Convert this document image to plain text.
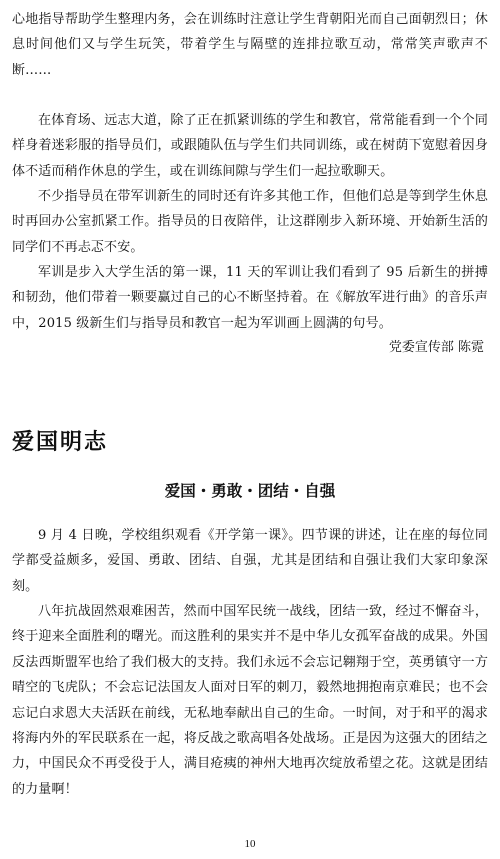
心地指导帮助学生整理内务，会在训练时注意让学生背朝阳光而自己面朝烈日；休息时间他们又与学生玩笑，带着学生与隔壁的连排拉歌互动，常常笑声歌声不断……

在体育场、远志大道，除了正在抓紧训练的学生和教官，常常能看到一个个同样身着迷彩服的指导员们，或跟随队伍与学生们共同训练，或在树荫下宽慰着因身体不适而稍作休息的学生，或在训练间隙与学生们一起拉歌聊天。

不少指导员在带军训新生的同时还有许多其他工作，但他们总是等到学生休息时再回办公室抓紧工作。指导员的日夜陪伴，让这群刚步入新环境、开始新生活的同学们不再忐忑不安。

军训是步入大学生活的第一课，11 天的军训让我们看到了 95 后新生的拼搏和韧劲，他们带着一颗要赢过自己的心不断坚持着。在《解放军进行曲》的音乐声中，2015 级新生们与指导员和教官一起为军训画上圆满的句号。

党委宣传部 陈霓
爱国明志
爱国・勇敢・团结・自强

9 月 4 日晚，学校组织观看《开学第一课》。四节课的讲述，让在座的每位同学都受益颇多，爱国、勇敢、团结、自强，尤其是团结和自强让我们大家印象深刻。

八年抗战固然艰难困苦，然而中国军民统一战线，团结一致，经过不懈奋斗，终于迎来全面胜利的曙光。而这胜利的果实并不是中华儿女孤军奋战的成果。外国反法西斯盟军也给了我们极大的支持。我们永远不会忘记翱翔于空，英勇镇守一方晴空的飞虎队；不会忘记法国友人面对日军的刺刀，毅然地拥抱南京难民；也不会忘记白求恩大夫活跃在前线，无私地奉献出自己的生命。一时间，对于和平的渴求将海内外的军民联系在一起，将反战之歌高唱各处战场。正是因为这强大的团结之力，中国民众不再受役于人，满目疮痍的神州大地再次绽放希望之花。这就是团结的力量啊！

10
